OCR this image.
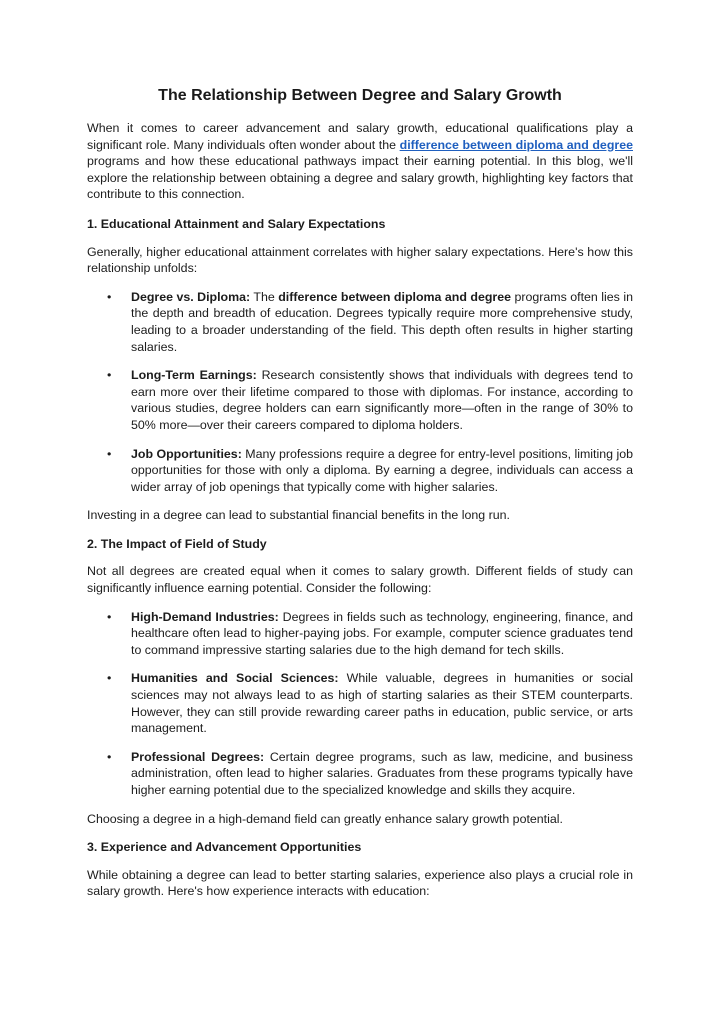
The Relationship Between Degree and Salary Growth

When it comes to career advancement and salary growth, educational qualifications play a significant role. Many individuals often wonder about the difference between diploma and degree programs and how these educational pathways impact their earning potential. In this blog, we'll explore the relationship between obtaining a degree and salary growth, highlighting key factors that contribute to this connection.

1. Educational Attainment and Salary Expectations

Generally, higher educational attainment correlates with higher salary expectations. Here's how this relationship unfolds:

• Degree vs. Diploma: The difference between diploma and degree programs often lies in the depth and breadth of education. Degrees typically require more comprehensive study, leading to a broader understanding of the field. This depth often results in higher starting salaries.

• Long-Term Earnings: Research consistently shows that individuals with degrees tend to earn more over their lifetime compared to those with diplomas. For instance, according to various studies, degree holders can earn significantly more—often in the range of 30% to 50% more—over their careers compared to diploma holders.

• Job Opportunities: Many professions require a degree for entry-level positions, limiting job opportunities for those with only a diploma. By earning a degree, individuals can access a wider array of job openings that typically come with higher salaries.

Investing in a degree can lead to substantial financial benefits in the long run.

2. The Impact of Field of Study

Not all degrees are created equal when it comes to salary growth. Different fields of study can significantly influence earning potential. Consider the following:

• High-Demand Industries: Degrees in fields such as technology, engineering, finance, and healthcare often lead to higher-paying jobs. For example, computer science graduates tend to command impressive starting salaries due to the high demand for tech skills.

• Humanities and Social Sciences: While valuable, degrees in humanities or social sciences may not always lead to as high of starting salaries as their STEM counterparts. However, they can still provide rewarding career paths in education, public service, or arts management.

• Professional Degrees: Certain degree programs, such as law, medicine, and business administration, often lead to higher salaries. Graduates from these programs typically have higher earning potential due to the specialized knowledge and skills they acquire.

Choosing a degree in a high-demand field can greatly enhance salary growth potential.

3. Experience and Advancement Opportunities

While obtaining a degree can lead to better starting salaries, experience also plays a crucial role in salary growth. Here's how experience interacts with education:
